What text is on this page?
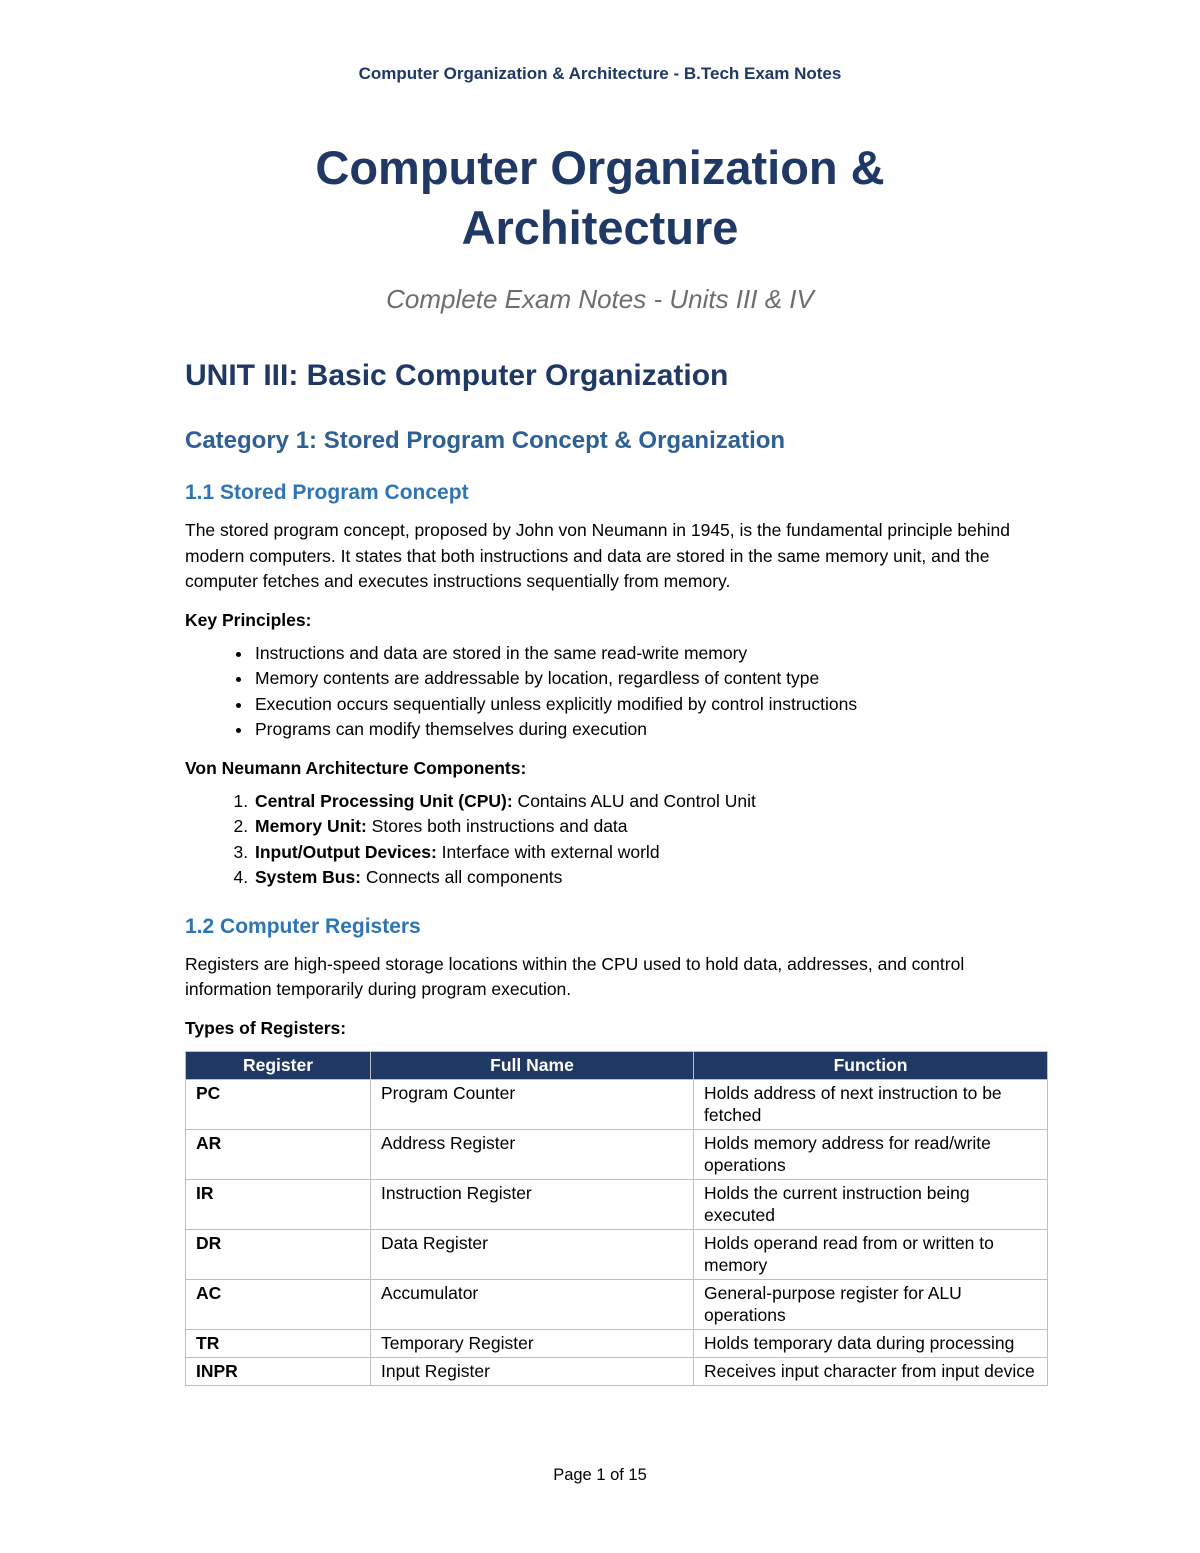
Computer Organization & Architecture - B.Tech Exam Notes
Computer Organization & Architecture
Complete Exam Notes - Units III & IV
UNIT III: Basic Computer Organization
Category 1: Stored Program Concept & Organization
1.1 Stored Program Concept

The stored program concept, proposed by John von Neumann in 1945, is the fundamental principle behind modern computers. It states that both instructions and data are stored in the same memory unit, and the computer fetches and executes instructions sequentially from memory.

Key Principles:

• Instructions and data are stored in the same read-write memory
• Memory contents are addressable by location, regardless of content type
• Execution occurs sequentially unless explicitly modified by control instructions
• Programs can modify themselves during execution

Von Neumann Architecture Components:

1. Central Processing Unit (CPU): Contains ALU and Control Unit
2. Memory Unit: Stores both instructions and data
3. Input/Output Devices: Interface with external world
4. System Bus: Connects all components
1.2 Computer Registers

Registers are high-speed storage locations within the CPU used to hold data, addresses, and control information temporarily during program execution.

Types of Registers:

Register	Full Name	Function
PC	Program Counter	Holds address of next instruction to be fetched
AR	Address Register	Holds memory address for read/write operations
IR	Instruction Register	Holds the current instruction being executed
DR	Data Register	Holds operand read from or written to memory
AC	Accumulator	General-purpose register for ALU operations
TR	Temporary Register	Holds temporary data during processing
INPR	Input Register	Receives input character from input device
Page 1 of 15
